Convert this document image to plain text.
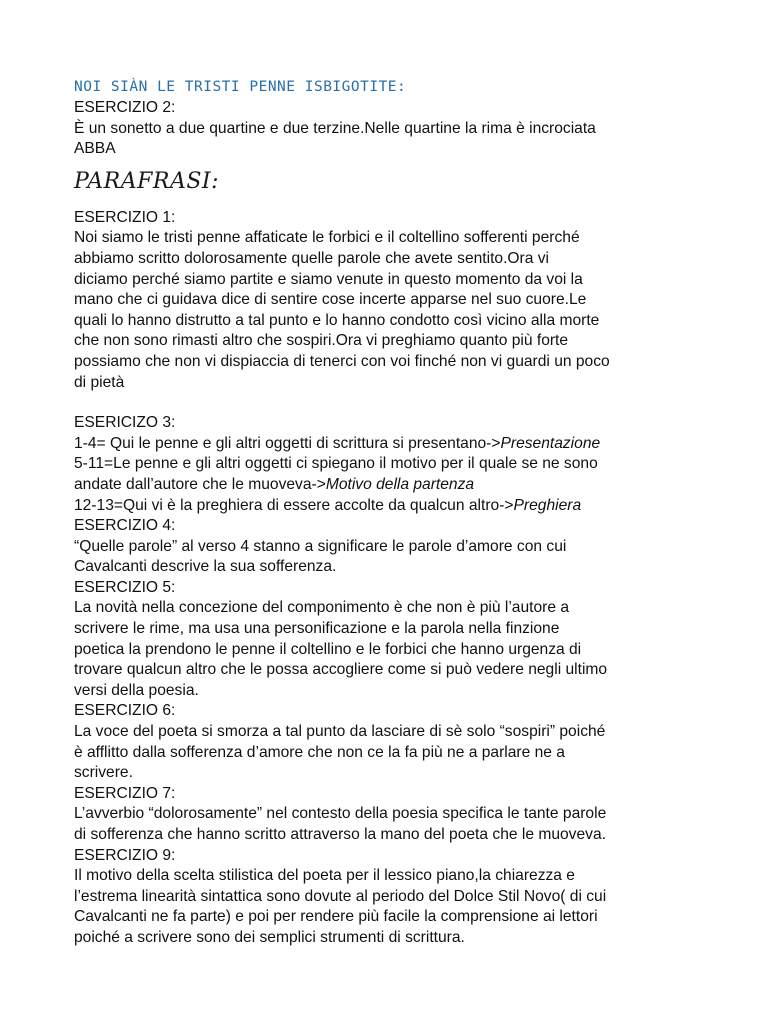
NOI SIÀN LE TRISTI PENNE ISBIGOTITE:

ESERCIZIO 2:

È un sonetto a due quartine e due terzine.Nelle quartine la rima è incrociata

ABBA

PARAFRASI:

ESERCIZIO 1:

Noi siamo le tristi penne affaticate le forbici e il coltellino sofferenti perché

abbiamo scritto dolorosamente quelle parole che avete sentito.Ora vi

diciamo perché siamo partite e siamo venute in questo momento da voi la

mano che ci guidava dice di sentire cose incerte apparse nel suo cuore.Le

quali lo hanno distrutto a tal punto e lo hanno condotto così vicino alla morte

che non sono rimasti altro che sospiri.Ora vi preghiamo quanto più forte

possiamo che non vi dispiaccia di tenerci con voi finché non vi guardi un poco

di pietà

ESERICIZO 3:

1-4= Qui le penne e gli altri oggetti di scrittura si presentano->Presentazione

5-11=Le penne e gli altri oggetti ci spiegano il motivo per il quale se ne sono

andate dall’autore che le muoveva->Motivo della partenza

12-13=Qui vi è la preghiera di essere accolte da qualcun altro->Preghiera

ESERCIZIO 4:

“Quelle parole” al verso 4 stanno a significare le parole d’amore con cui

Cavalcanti descrive la sua sofferenza.

ESERCIZIO 5:

La novità nella concezione del componimento è che non è più l’autore a

scrivere le rime, ma usa una personificazione e la parola nella finzione

poetica la prendono le penne il coltellino e le forbici che hanno urgenza di

trovare qualcun altro che le possa accogliere come si può vedere negli ultimo

versi della poesia.

ESERCIZIO 6:

La voce del poeta si smorza a tal punto da lasciare di sè solo “sospiri” poiché

è afflitto dalla sofferenza d’amore che non ce la fa più ne a parlare ne a

scrivere.

ESERCIZIO 7:

L’avverbio “dolorosamente” nel contesto della poesia specifica le tante parole

di sofferenza che hanno scritto attraverso la mano del poeta che le muoveva.

ESERCIZIO 9:

Il motivo della scelta stilistica del poeta per il lessico piano,la chiarezza e

l’estrema linearità sintattica sono dovute al periodo del Dolce Stil Novo( di cui

Cavalcanti ne fa parte) e poi per rendere più facile la comprensione ai lettori

poiché a scrivere sono dei semplici strumenti di scrittura.
